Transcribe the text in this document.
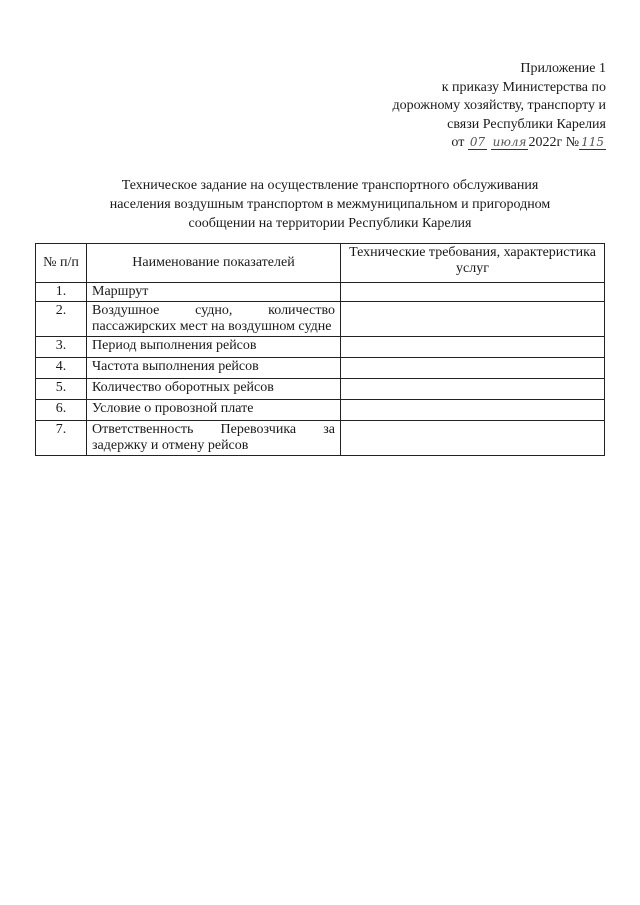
Приложение 1
к приказу Министерства по
дорожному хозяйству, транспорту и
связи Республики Карелия
от 07 июля 2022г № 115
Техническое задание на осуществление транспортного обслуживания
населения воздушным транспортом в межмуниципальном и пригородном
сообщении на территории Республики Карелия
№ п/п	Наименование показателей	Технические требования, характеристика услуг
1.	Маршрут	
2.	Воздушное судно, количество пассажирских мест на воздушном судне	
3.	Период выполнения рейсов	
4.	Частота выполнения рейсов	
5.	Количество оборотных рейсов	
6.	Условие о провозной плате	
7.	Ответственность Перевозчика за задержку и отмену рейсов	
